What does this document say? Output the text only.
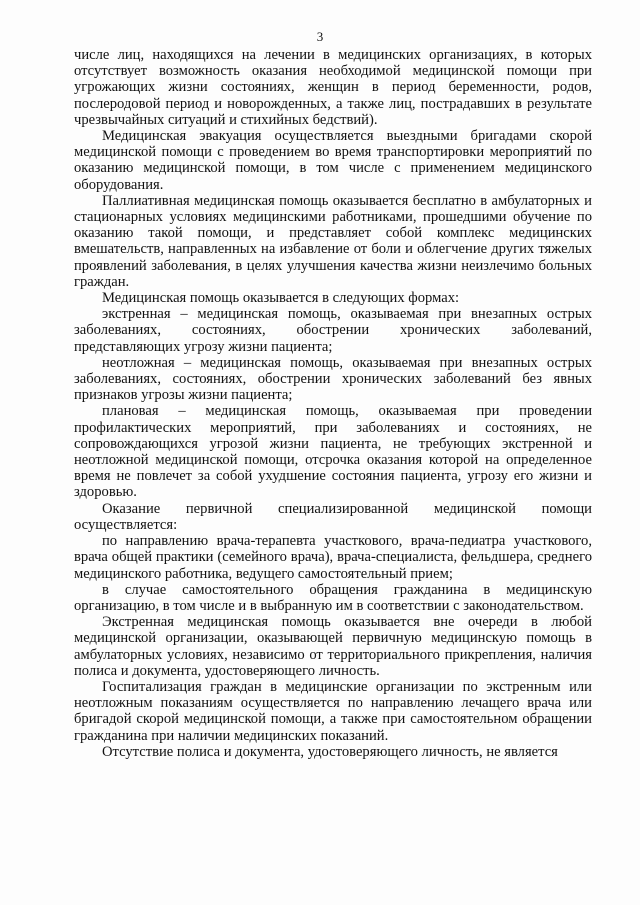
3

числе лиц, находящихся на лечении в медицинских организациях, в которых отсутствует возможность оказания необходимой медицинской помощи при угрожающих жизни состояниях, женщин в период беременности, родов, послеродовой период и новорожденных, а также лиц, пострадавших в результате чрезвычайных ситуаций и стихийных бедствий).

Медицинская эвакуация осуществляется выездными бригадами скорой медицинской помощи с проведением во время транспортировки мероприятий по оказанию медицинской помощи, в том числе с применением медицинского оборудования.

Паллиативная медицинская помощь оказывается бесплатно в амбулаторных и стационарных условиях медицинскими работниками, прошедшими обучение по оказанию такой помощи, и представляет собой комплекс медицинских вмешательств, направленных на избавление от боли и облегчение других тяжелых проявлений заболевания, в целях улучшения качества жизни неизлечимо больных граждан.

Медицинская помощь оказывается в следующих формах:

экстренная – медицинская помощь, оказываемая при внезапных острых заболеваниях, состояниях, обострении хронических заболеваний, представляющих угрозу жизни пациента;

неотложная – медицинская помощь, оказываемая при внезапных острых заболеваниях, состояниях, обострении хронических заболеваний без явных признаков угрозы жизни пациента;

плановая – медицинская помощь, оказываемая при проведении профилактических мероприятий, при заболеваниях и состояниях, не сопровождающихся угрозой жизни пациента, не требующих экстренной и неотложной медицинской помощи, отсрочка оказания которой на определенное время не повлечет за собой ухудшение состояния пациента, угрозу его жизни и здоровью.

Оказание первичной специализированной медицинской помощи осуществляется:

по направлению врача-терапевта участкового, врача-педиатра участкового, врача общей практики (семейного врача), врача-специалиста, фельдшера, среднего медицинского работника, ведущего самостоятельный прием;

в случае самостоятельного обращения гражданина в медицинскую организацию, в том числе и в выбранную им в соответствии с законодательством.

Экстренная медицинская помощь оказывается вне очереди в любой медицинской организации, оказывающей первичную медицинскую помощь в амбулаторных условиях, независимо от территориального прикрепления, наличия полиса и документа, удостоверяющего личность.

Госпитализация граждан в медицинские организации по экстренным или неотложным показаниям осуществляется по направлению лечащего врача или бригадой скорой медицинской помощи, а также при самостоятельном обращении гражданина при наличии медицинских показаний.

Отсутствие полиса и документа, удостоверяющего личность, не является
